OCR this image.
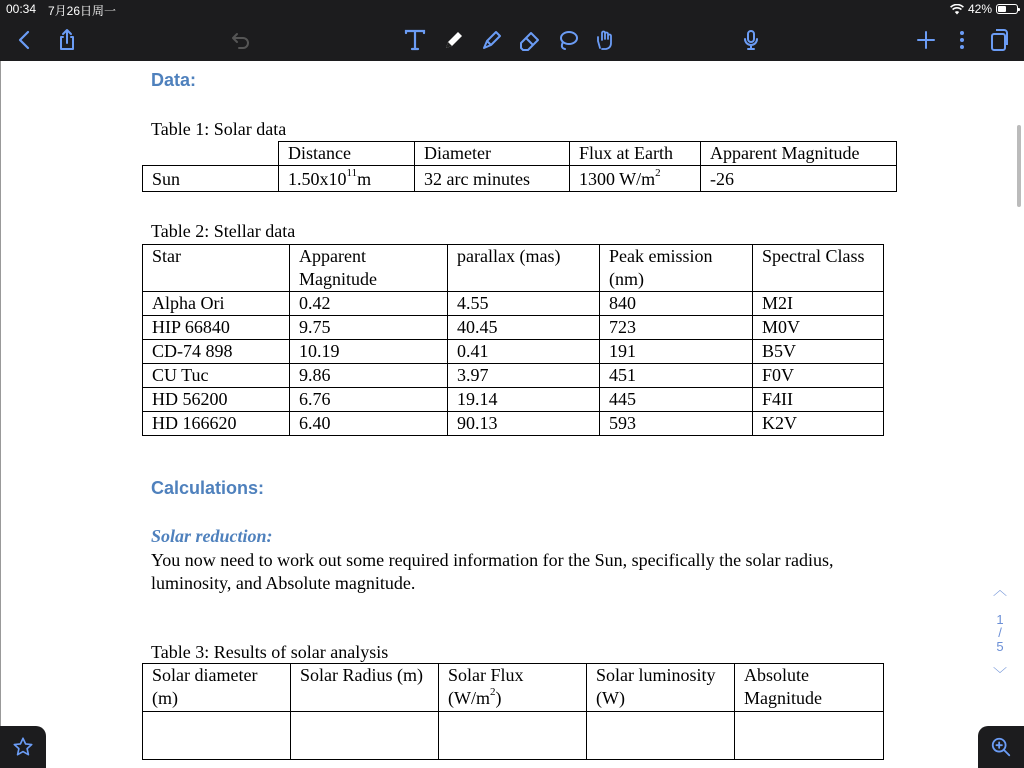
00:34 7月26日周一	42%
Data:
Table 1: Solar data
	Distance	Diameter	Flux at Earth	Apparent Magnitude
Sun	$1.50x10^{11}m$	32 arc minutes	1300 $W/m^2$	-26
Table 2: Stellar data
Star	Apparent Magnitude	parallax (mas)	Peak emission (nm)	Spectral Class
Alpha Ori	0.42	4.55	840	M2I
HIP 66840	9.75	40.45	723	M0V
CD-74 898	10.19	0.41	191	B5V
CU Tuc	9.86	3.97	451	F0V
HD 56200	6.76	19.14	445	F4II
HD 166620	6.40	90.13	593	K2V
Calculations:
Solar reduction:
You now need to work out some required information for the Sun, specifically the solar radius, luminosity, and Absolute magnitude.
Table 3: Results of solar analysis
Solar diameter (m)	Solar Radius (m)	Solar Flux $(W/m^2)$	Solar luminosity (W)	Absolute Magnitude

︿
1
/
5
﹀
